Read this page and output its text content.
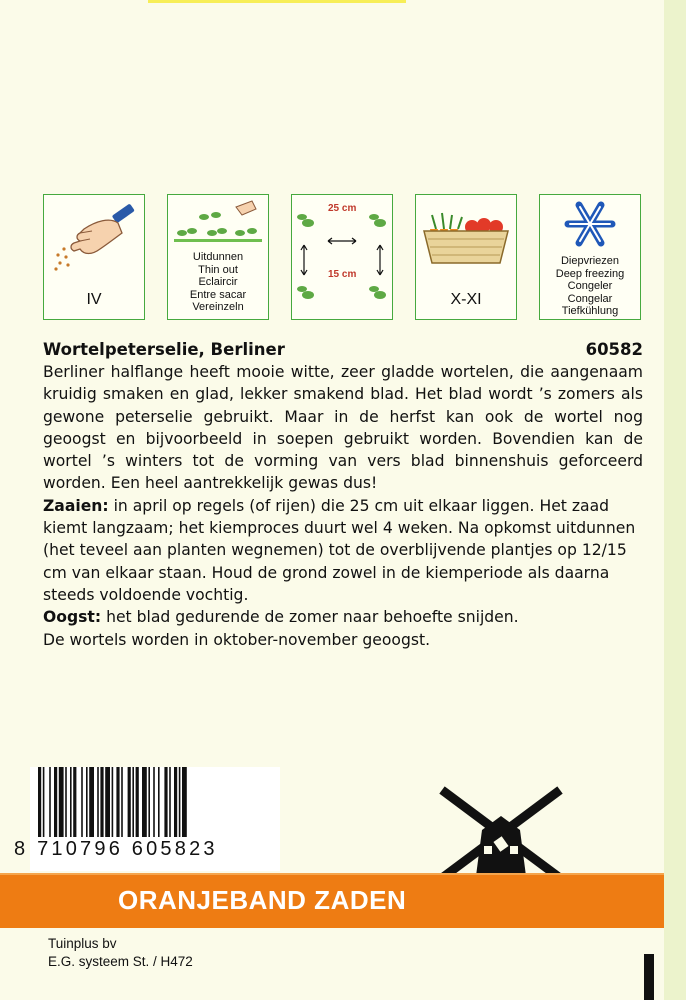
IV
Uitdunnen
Thin out
Eclaircir
Entre sacar
Vereinzeln
25 cm
15 cm
X-XI
Diepvriezen
Deep freezing
Congeler
Congelar
Tiefkühlung
Wortelpeterselie, Berliner	60582

Berliner halflange heeft mooie witte, zeer gladde wortelen, die aangenaam kruidig smaken en glad, lekker smakend blad. Het blad wordt ’s zomers als gewone peterselie gebruikt. Maar in de herfst kan ook de wortel nog geoogst en bijvoorbeeld in soepen gebruikt worden. Bovendien kan de wortel ’s winters tot de vorming van vers blad binnenshuis geforceerd worden. Een heel aantrekkelijk gewas dus!

Zaaien: in april op regels (of rijen) die 25 cm uit elkaar liggen. Het zaad kiemt langzaam; het kiemproces duurt wel 4 weken. Na opkomst uitdunnen (het teveel aan planten wegnemen) tot de overblijvende plantjes op 12/15 cm van elkaar staan. Houd de grond zowel in de kiemperiode als daarna steeds voldoende vochtig.

Oogst: het blad gedurende de zomer naar behoefte snijden.

De wortels worden in oktober-november geoogst.

8 710796 605823
ORANJEBAND ZADEN
Tuinplus bv
E.G. systeem St. / H472
